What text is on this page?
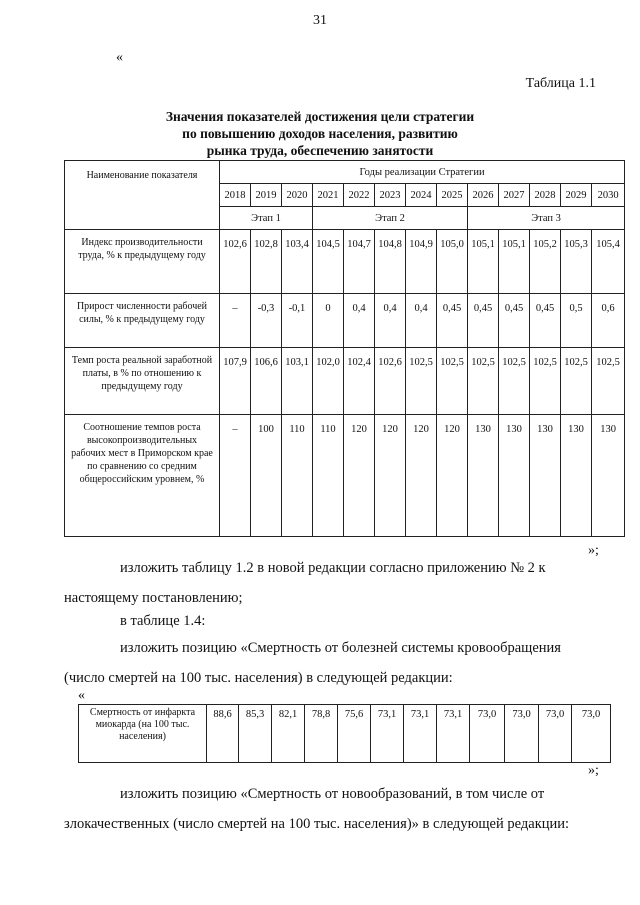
31
«
Таблица 1.1
Значения показателей достижения цели стратегии
по повышению доходов населения, развитию
рынка труда, обеспечению занятости
Наименование показателя	Годы реализации Стратегии												
	2018	2019	2020	2021	2022	2023	2024	2025	2026	2027	2028	2029	2030
	Этап 1			Этап 2					Этап 3				
Индекс производительности труда, % к предыдущему году	102,6	102,8	103,4	104,5	104,7	104,8	104,9	105,0	105,1	105,1	105,2	105,3	105,4
Прирост численности рабочей силы, % к предыдущему году	–	-0,3	-0,1	0	0,4	0,4	0,4	0,45	0,45	0,45	0,45	0,5	0,6
Темп роста реальной заработной платы, в % по отношению к предыдущему году	107,9	106,6	103,1	102,0	102,4	102,6	102,5	102,5	102,5	102,5	102,5	102,5	102,5
Соотношение темпов роста высокопроизводительных рабочих мест в Приморском крае по сравнению со средним общероссийским уровнем, %	–	100	110	110	120	120	120	120	130	130	130	130	130
»;
изложить таблицу 1.2 в новой редакции согласно приложению № 2 к
настоящему постановлению;
в таблице 1.4:
изложить позицию «Смертность от болезней системы кровообращения
(число смертей на 100 тыс. населения) в следующей редакции:
«
Смертность от инфаркта миокарда (на 100 тыс. населения)	88,6	85,3	82,1	78,8	75,6	73,1	73,1	73,1	73,0	73,0	73,0	73,0
»;
изложить позицию «Смертность от новообразований, в том числе от
злокачественных (число смертей на 100 тыс. населения)» в следующей редакции:
